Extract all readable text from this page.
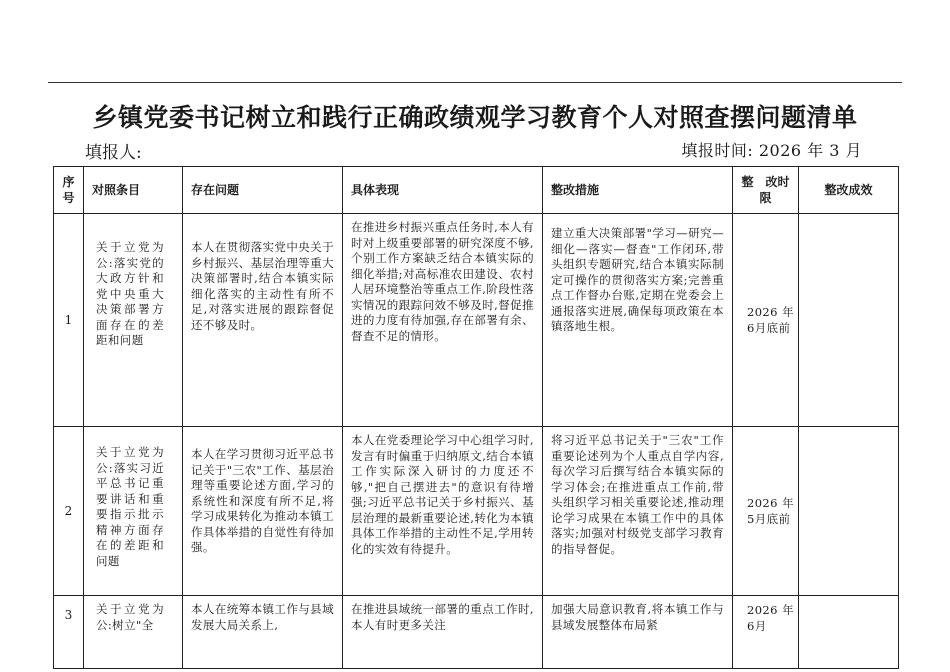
乡镇党委书记树立和践行正确政绩观学习教育个人对照查摆问题清单
填报人:	填报时间: 2026 年 3 月
序号	对照条目	存在问题	具体表现	整改措施	整　改时限	整改成效

1	关于立党为公:落实党的大政方针和党中央重大决策部署方面存在的差距和问题	本人在贯彻落实党中央关于乡村振兴、基层治理等重大决策部署时,结合本镇实际细化落实的主动性有所不足,对落实进展的跟踪督促还不够及时。	在推进乡村振兴重点任务时,本人有时对上级重要部署的研究深度不够,个别工作方案缺乏结合本镇实际的细化举措;对高标准农田建设、农村人居环境整治等重点工作,阶段性落实情况的跟踪问效不够及时,督促推进的力度有待加强,存在部署有余、督查不足的情形。	建立重大决策部署"学习—研究—细化—落实—督查"工作闭环,带头组织专题研究,结合本镇实际制定可操作的贯彻落实方案;完善重点工作督办台账,定期在党委会上通报落实进展,确保每项政策在本镇落地生根。	2026年6月底前	

2	关于立党为公:落实习近平总书记重要讲话和重要指示批示精神方面存在的差距和问题	本人在学习贯彻习近平总书记关于"三农"工作、基层治理等重要论述方面,学习的系统性和深度有所不足,将学习成果转化为推动本镇工作具体举措的自觉性有待加强。	本人在党委理论学习中心组学习时,发言有时偏重于归纳原文,结合本镇工作实际深入研讨的力度还不够,"把自己摆进去"的意识有待增强;习近平总书记关于乡村振兴、基层治理的最新重要论述,转化为本镇具体工作举措的主动性不足,学用转化的实效有待提升。	将习近平总书记关于"三农"工作重要论述列为个人重点自学内容,每次学习后撰写结合本镇实际的学习体会;在推进重点工作前,带头组织学习相关重要论述,推动理论学习成果在本镇工作中的具体落实;加强对村级党支部学习教育的指导督促。	2026年5月底前	

3	关于立党为公:树立"全	本人在统筹本镇工作与县域发展大局关系上,	在推进县域统一部署的重点工作时,本人有时更多关注	加强大局意识教育,将本镇工作与县域发展整体布局紧	2026年6月	
